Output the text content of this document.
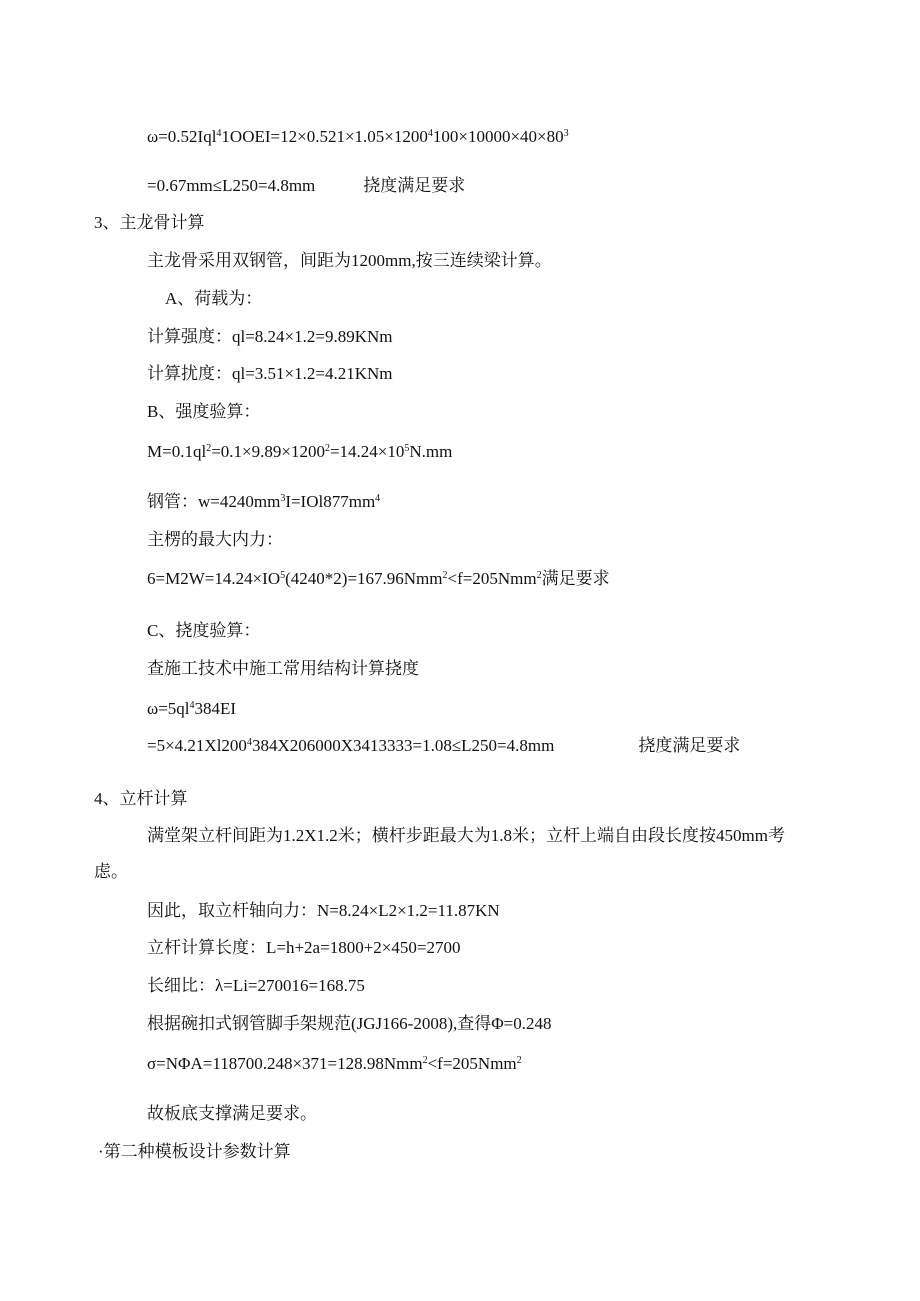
$\omega=0.52Iql^41OOEI=12\times 0.521\times 1.05\times 1200^4100\times 10000\times 40\times 80^3$
=0.67mm≤L250=4.8mm	挠度满足要求
3、主龙骨计算
主龙骨采用双钢管，间距为1200mm,按三连续梁计算。
A、荷载为：
计算强度：ql=8.24×1.2=9.89KNm
计算扰度：ql=3.51×1.2=4.21KNm
B、强度验算：
$M=0.1ql^2=0.1\times 9.89\times 1200^2=14.24\times 10^5N.mm$
钢管：$w=4240mm^3I=IOl877mm^4$
主楞的最大内力：
$6=M2W=14.24\times IO^5(4240*2)=167.96Nmm^2<f=205Nmm^2$满足要求
C、挠度验算：
查施工技术中施工常用结构计算挠度
$\omega=5ql^4384EI$
$=5\times 4.21Xl200^4384X206000X3413333=1.08\le L250=4.8mm$	挠度满足要求
4、立杆计算
满堂架立杆间距为1.2X1.2米；横杆步距最大为1.8米；立杆上端自由段长度按450mm考
虑。
因此，取立杆轴向力：N=8.24×L2×1.2=11.87KN
立杆计算长度：L=h+2a=1800+2×450=2700
长细比：λ=Li=270016=168.75
根据碗扣式钢管脚手架规范(JGJ166-2008),查得Φ=0.248
σ=NΦA=118700.248×371=128.98Nmm$^2$<f=205Nmm$^2$
故板底支撑满足要求。
·第二种模板设计参数计算
